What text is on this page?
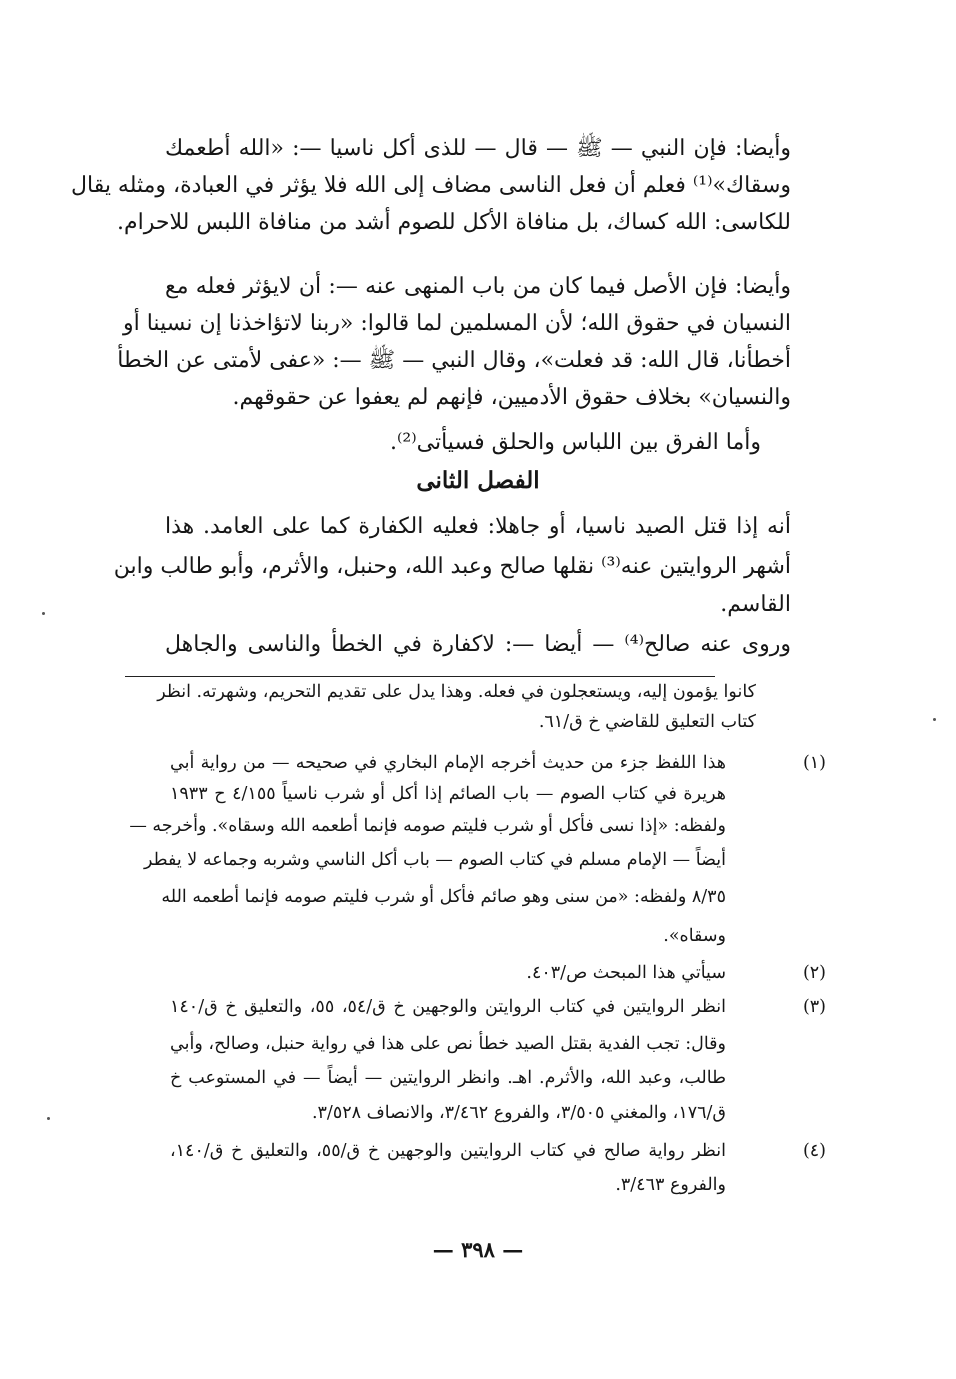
وأيضا: فإن النبي — ﷺ — قال — للذى أكل ناسيا —: «الله أطعمك
وسقاك»⁽¹⁾ فعلم أن فعل الناسى مضاف إلى الله فلا يؤثر في العبادة، ومثله يقال
للكاسى: الله كساك، بل منافاة الأكل للصوم أشد من منافاة اللبس للاحرام.
وأيضا: فإن الأصل فيما كان من باب المنهى عنه —: أن لايؤثر فعله مع
النسيان في حقوق الله؛ لأن المسلمين لما قالوا: «ربنا لاتؤاخذنا إن نسينا أو
أخطأنا، قال الله: قد فعلت»، وقال النبي — ﷺ —: «عفى لأمتى عن الخطأ
والنسيان» بخلاف حقوق الأدميين، فإنهم لم يعفوا عن حقوقهم.
وأما الفرق بين اللباس والحلق فسيأتى⁽²⁾.
الفصل الثانى
أنه إذا قتل الصيد ناسيا، أو جاهلا: فعليه الكفارة كما على العامد. هذا
أشهر الروايتين عنه⁽³⁾ نقلها صالح وعبد الله، وحنبل، والأثرم، وأبو طالب وابن
القاسم.
وروى عنه صالح⁽⁴⁾ — أيضا —: لاكفارة في الخطأ والناسى والجاهل
كانوا يؤمون إليه، ويستعجلون في فعله. وهذا يدل على تقديم التحريم، وشهرته. انظر
كتاب التعليق للقاضي خ ق/٦١.
(١)
هذا اللفظ جزء من حديث أخرجه الإمام البخاري في صحيحه — من رواية أبي
هريرة في كتاب الصوم — باب الصائم إذا أكل أو شرب ناسياً ٤/١٥٥ ح ١٩٣٣
ولفظه: «إذا نسى فأكل أو شرب فليتم صومه فإنما أطعمه الله وسقاه». وأخرجه —
أيضاً — الإمام مسلم في كتاب الصوم — باب أكل الناسي وشربه وجماعه لا يفطر
٨/٣٥ ولفظه: «من سنى وهو صائم فأكل أو شرب فليتم صومه فإنما أطعمه الله
وسقاه».
(٢)
سيأتي هذا المبحث ص/٤٠٣.
(٣)
انظر الروايتين في كتاب الروايتن والوجهين خ ق/٥٤، ٥٥، والتعليق خ ق/١٤٠
وقال: تجب الفدية بقتل الصيد خطأ نص على هذا في رواية حنبل، وصالح، وأبي
طالب، وعبد الله، والأثرم. اهـ. وانظر الروايتين — أيضاً — في المستوعب خ
ق/١٧٦، والمغني ٣/٥٠٥، والفروع ٣/٤٦٢، والانصاف ٣/٥٢٨.
(٤)
انظر رواية صالح في كتاب الروايتين والوجهين خ ق/٥٥، والتعليق خ ق/١٤٠،
والفروع ٣/٤٦٣.
— ٣٩٨ —
